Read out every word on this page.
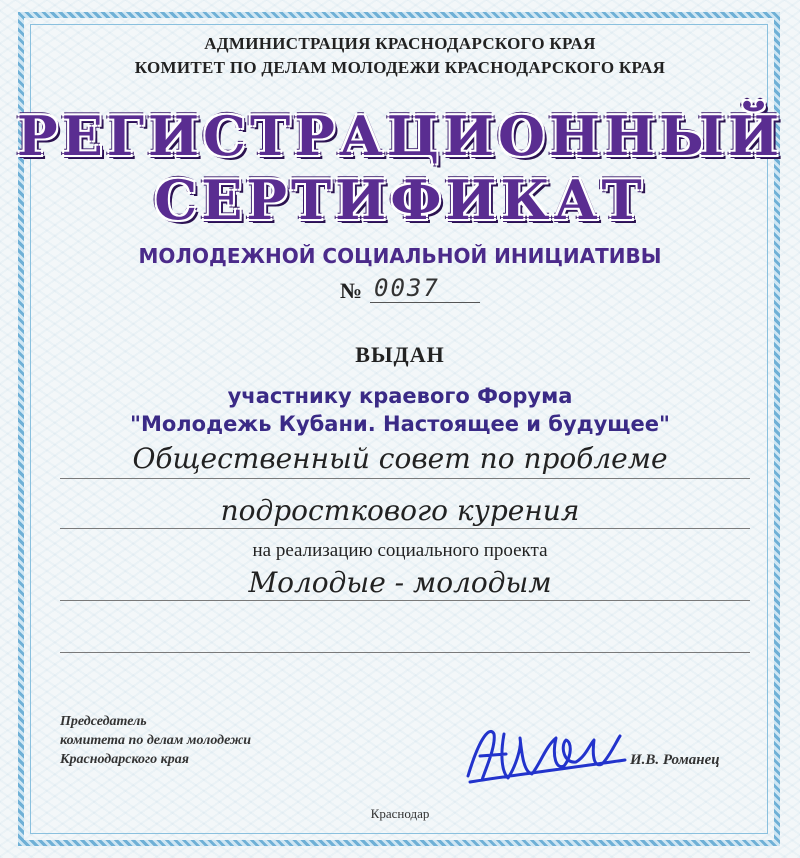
АДМИНИСТРАЦИЯ КРАСНОДАРСКОГО КРАЯ
КОМИТЕТ ПО ДЕЛАМ МОЛОДЕЖИ КРАСНОДАРСКОГО КРАЯ
РЕГИСТРАЦИОННЫЙ
СЕРТИФИКАТ
МОЛОДЕЖНОЙ СОЦИАЛЬНОЙ ИНИЦИАТИВЫ
№ 0037
ВЫДАН
участнику краевого Форума
"Молодежь Кубани. Настоящее и будущее"
Общественный совет по проблеме
подросткового курения
на реализацию социального проекта
Молодые - молодым
Председатель
комитета по делам молодежи
Краснодарского края	И.В. Романец
Краснодар
